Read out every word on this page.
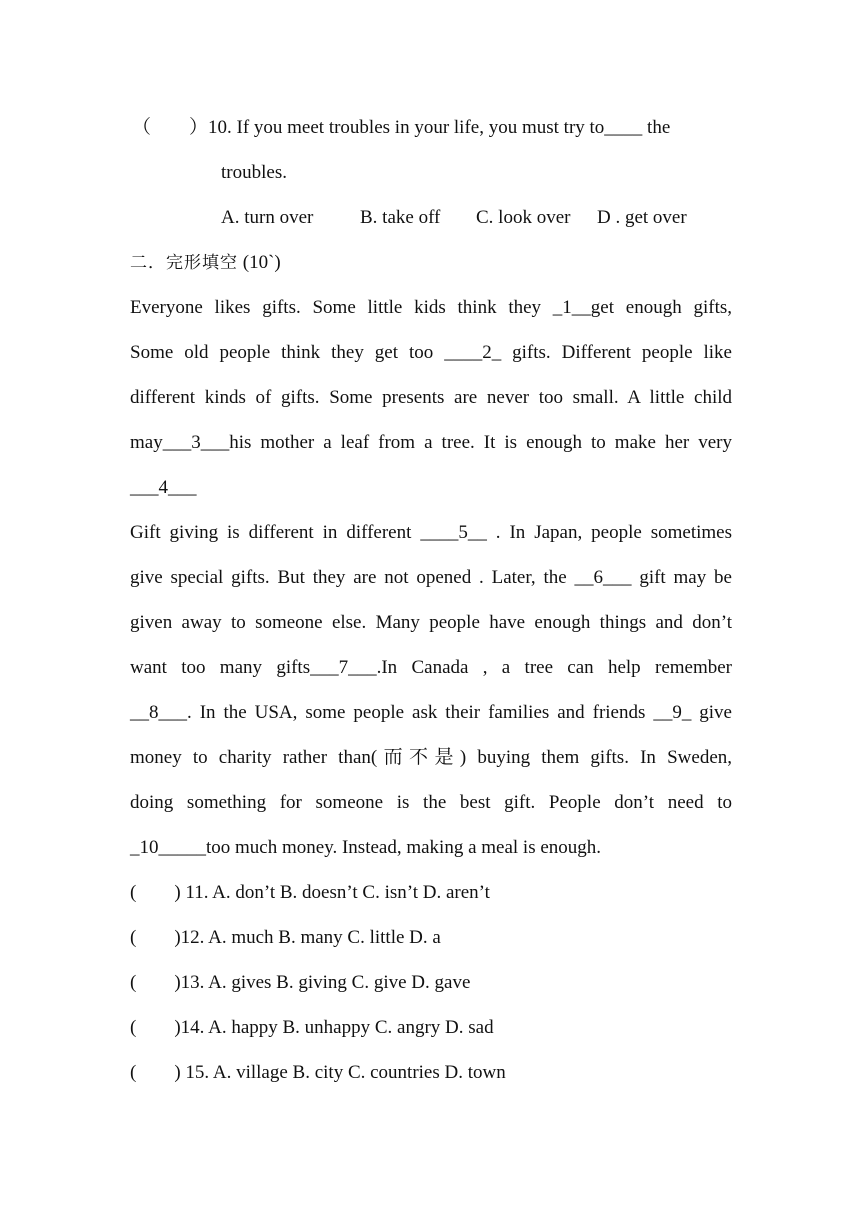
（　　）10. If you meet troubles in your life, you must try to____ the
troubles.
A. turn over B. take off C. look over D . get over
二．完形填空 (10`)
Everyone likes gifts. Some little kids think they _1__get enough gifts,
Some old people think they get too ____2_ gifts. Different people like
different kinds of gifts. Some presents are never too small. A little child
may___3___his mother a leaf from a tree. It is enough to make her very
___4___
Gift giving is different in different ____5__ . In Japan, people sometimes
give special gifts. But they are not opened . Later, the __6___ gift may be
given away to someone else. Many people have enough things and don’t
want too many gifts___7___.In Canada , a tree can help remember
__8___. In the USA, some people ask their families and friends __9_ give
money to charity rather than(而不是) buying them gifts. In Sweden,
doing something for someone is the best gift. People don’t need to
_10_____too much money. Instead, making a meal is enough.
(        ) 11. A. don’t B. doesn’t C. isn’t D. aren’t
(        )12. A. much B. many C. little D. a
(        )13. A. gives B. giving C. give D. gave
(        )14. A. happy B. unhappy C. angry D. sad
(        ) 15. A. village B. city C. countries D. town
